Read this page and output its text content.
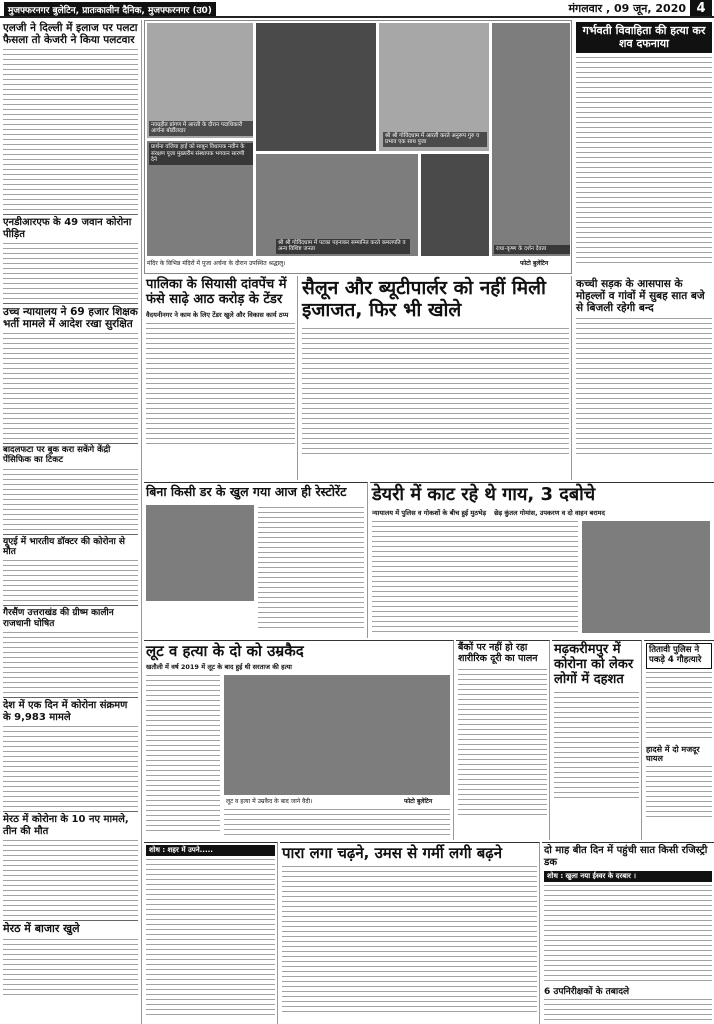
मुजफ्फरनगर बुलेटिन, प्रातःकालीन दैनिक, मुजफ्फरनगर (उ0)	मंगलवार , 09 जून, 2020 4
एलजी ने दिल्ली में इलाज पर पलटा फैसला तो केजरी ने किया पलटवार
एनडीआरएफ के 49 जवान कोरोना पीड़ित
उच्च न्यायालय ने 69 हजार शिक्षक भर्ती मामले में आदेश रखा सुरक्षित
बादलफटा पर बुक करा सकेंगे केंद्री पेंसिफिक का टिकट
यूएई में भारतीय डॉक्टर की कोरोना से मौत
गैरसैंण उत्तराखंड की ग्रीष्म कालीन राजधानी घोषित
देश में एक दिन में कोरोना संक्रमण के 9,983 मामले
मेरठ में कोरोना के 10 नए मामले, तीन की मौत
मेरठ में बाजार खुले
नवग्रहीत प्रांगण में आरती के दौरान पदाधिकारी आर्चना बोर्डीलदार
प्रार्थना वजिया हाई को साबुन विधायक नवीन के संरक्षण पूजा मुख्यरीम संस्थापक भगवान सारणी देने
श्री श्री गोविंदधाम में आरती करते अनुरूप गुरु व प्रभाव एक साथ पुजा
श्री श्री गोविंदधाम में पटका पहनाकर सम्मानित करते कमलपति व अन्य विशिष्ट जनता	राधा-कृष्ण के दर्शन देवता
मंदिर के विभिन्न मंदिरों में पूजा अर्चना के दौरान उपस्थित श्रद्धालु।	फोटो बुलेटिन
गर्भवती विवाहिता की हत्या कर शव दफनाया
पालिका के सियासी दांवपेंच में फंसे साढ़े आठ करोड़ के टेंडर
वैदयनीनगर ने काम के लिए टेंडर खुले और विकास कार्य ठप्प
सैलून और ब्यूटीपार्लर को नहीं मिली इजाजत, फिर भी खोले
कच्ची सड़क के आसपास के मोहल्लों व गांवों में सुबह सात बजे से बिजली रहेगी बन्द
बिना किसी डर के खुल गया आज ही रेस्टोरेंट	डेयरी में काट रहे थे गाय, 3 दबोचे
न्यायालय में पुलिस व गोकशों के बीच हुई मुठभेड़ छेड़ कुंतल गोमांस, उपकरण व दो वाहन बरामद
लूट व हत्या के दो को उम्रकैद
खतौली में वर्ष 2019 में लूट के बाद हुई थी सरताज की हत्या
लूट व हत्या में उम्रकैद के बाद जाने वैदी।	फोटो बुलेटिन
बैंकों पर नहीं हो रहा शारीरिक दूरी का पालन
मढ़करीमपुर में कोरोना को लेकर लोगों में दहशत
तितावी पुलिस ने पकड़े 4 गौहत्यारे
हादसे में दो मजदूर घायल
शोध : शहर में उपने.....	पारा लगा चढ़ने, उमस से गर्मी लगी बढ़ने	दो माह बीत दिन में पहुंची सात किसी रजिस्ट्री डक
शोध : खुला नया ईस्वर के दरबार ।
6 उपनिरीक्षकों के तबादले
